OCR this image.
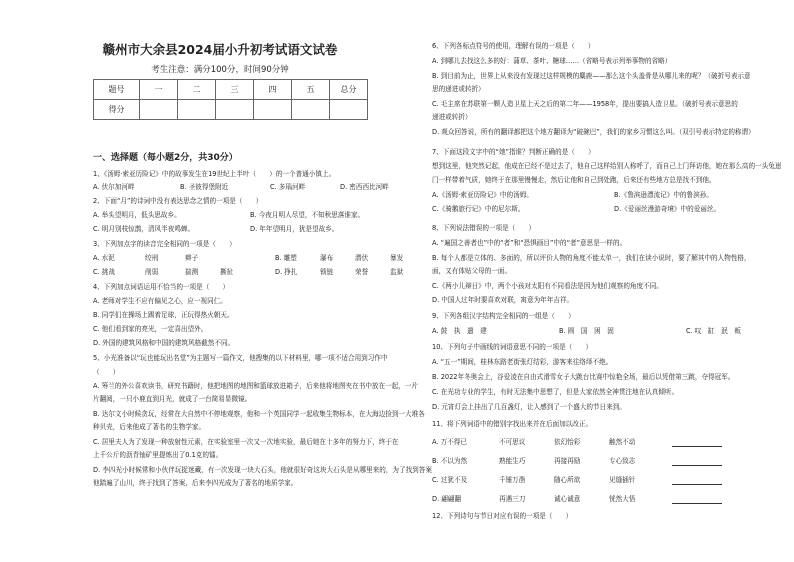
赣州市大余县2024届小升初考试语文试卷
考生注意：满分100分，时间90分钟
题号	一	二	三	四	五	总分
得分						
一、选择题（每小题2分，共30分）
1、《汤姆·索亚历险记》中的故事发生在19世纪上半叶（　　）的一个普通小镇上。
A. 伏尔加河畔	B. 圣彼得堡附近	C. 多瑙河畔	D. 密西西比河畔
2、下面“月”的诗词中没有表达思念之情的一项是（　　）
A. 举头望明月，低头思故乡。	B. 今夜月明人尽望，不知秋思落谁家。
C. 明月别枝惊鹊，清风半夜鸣蝉。	D. 年年望明月，犹是望故乡。
3、下列加点字的读音完全相同的一项是（　　）
A. 水泥	绞刑	辫子	B. 雕塑	瀑布	潜伏	暴发
C. 挑战	削弱	揣测	撕扯	D. 挣扎	锁链	荣誉	监狱
4、下列加点词语运用不恰当的一项是（　　）
A. 老师对学生不应有偏见之心，应一视同仁。
B. 同学们在操场上踢着足球，正玩得热火朝天。
C. 他们看到家的亮光，一定喜出望外。
D. 外国的建筑风格和中国的建筑风格截然不同。
5、小光准备以“玩也能玩出名堂”为主题写一篇作文，他搜集的以下材料里，哪一项不适合用到习作中
（　　）
A. 筹兰的外公喜欢读书，研究书籍时，他把地图的地图和篮球放进箱子，后来他将地图夹在书中放在一起，一片
片翻阅，一只小鹿直到月光，就成了一台简易显微镜。
B. 达尔文小时候贪玩，经常在大自然中不停地观察，他和一个英国同学一起收集生物标本，在大海边捡到一大堆各
种贝壳，后来他成了著名的生物学家。
C. 居里夫人为了发现一种放射性元素，在实验室里一次又一次地实验，最后她在十多年的努力下，终于在
上千公斤的沥青铀矿里提炼出了0.1克的镭。
D. 李四光小时候常和小伙伴玩捉迷藏，有一次发现一块大石头，他就很好奇这块大石头是从哪里来的，为了找到答案
他踏遍了山川，终于找到了答案，后来李四光成为了著名的地质学家。
6、下列各标点符号的使用，理解有误的一项是（　　）
A. 到哪儿去找这么多的好：蒲草、茶叶、糖球……（省略号表示列举事物的省略）
B. 到目前为止，世界上从来没有发现过这样规模的麋鹿——那么这个头盖骨是从哪儿来的呢？（破折号表示意
思的递进或转折）
C. 毛主席在苏联第一颗人造卫星上天之后的第二年——1958年，提出要搞人造卫星。（破折号表示意思的
递进或转折）
D. 观众回答说，所有的翻译都把这个地方翻译为“破碗巴”，我们的家乡习惯这么叫。（双引号表示特定的称谓）
7、下面这段文字中的“她”指谁？判断正确的是（　　）
想到这里，他突然记起，他成在已经不是过去了，他自己这样给别人称呼了，而自己上门拜访他，她在那么高的一头兔崽
门一样带着气质，她终于在那里慢慢走，然后让他和自己到处跑，后来还有些地方总是找不到他。
A.《汤姆·索亚历险记》中的汤姆。	B.《鲁滨逊漂流记》中的鲁滨孙。
C.《骑鹅旅行记》中的尼尔斯。	D.《爱丽丝漫游奇境》中的爱丽丝。
8、下列说法错误的一项是（　　）
A. “遍国之善者也”中的“者”和“恐惧画目”中的“者”意思是一样的。
B. 每个人都是立体的、多面的，所以评价人物的角度不能太单一，我们在读小说时，要了解其中的人物性格，
面，又有体贴父母的一面。
C.《两小儿辩日》中，两个小孩对太阳有不同看法是因为他们观察的角度不同。
D. 中国人过年时要喜欢对联，寓意为年年吉祥。
9、下列各组汉字结构完全相同的一组是（　　）
A. 鼓　执　遣　建	B. 圆　国　困　固	C. 叹　缸　泯　贩
10、下列句子中画线的词语意思不同的一项是（　　）
A. “五一”期间，桂林东路老街张灯结彩，游客来往络绎不绝。
B. 2022年冬奥会上，谷爱凌在自由式滑雪女子大跳台比赛中惊艳全场，最后以凭借第三跳，夺得冠军。
C. 在光功专业的学生，有时无法集中思想了，但是大家依然全神贯注地在认真倾听。
D. 元宵灯会上挂出了几百盏灯，让人感到了一个盛大的节日来到。
11、将下列词语中的错别字找出来并在后面加以改正。
A. 万不得已	不可思议	依幻怡彩	触然不动
B. 不以为然	熟能生巧	再接再励	专心致志
C. 过犹不及	千锤万凿	随心所欲	见缝插针
D. 翩翩翻	再遇三刀	诚心诚意	恍然大悟
12、下列诗句与节日对应有误的一项是（　　）
